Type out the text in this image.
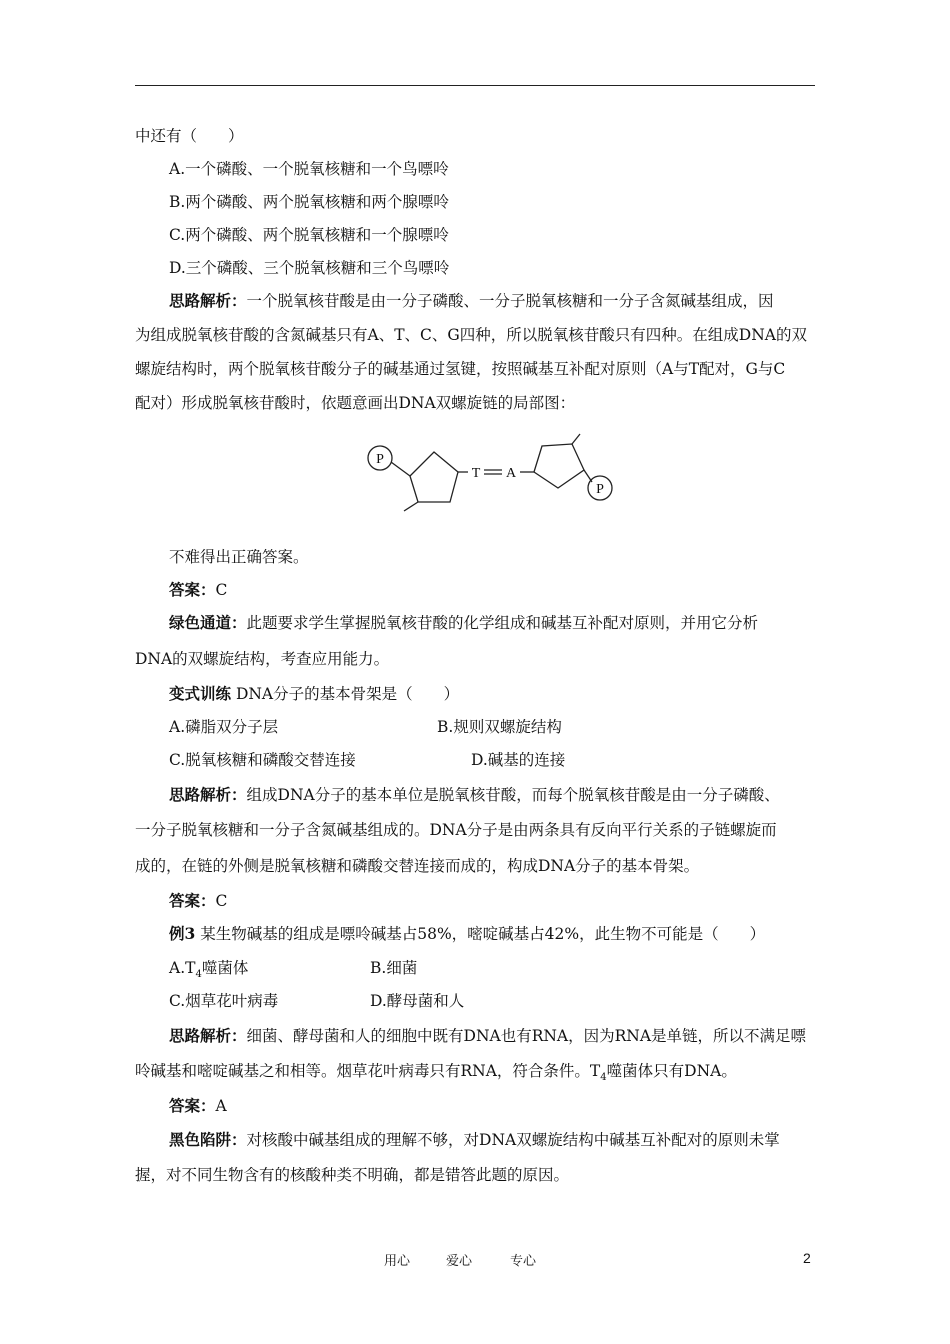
中还有（　　）
A.一个磷酸、一个脱氧核糖和一个鸟嘌呤
B.两个磷酸、两个脱氧核糖和两个腺嘌呤
C.两个磷酸、两个脱氧核糖和一个腺嘌呤
D.三个磷酸、三个脱氧核糖和三个鸟嘌呤
思路解析：一个脱氧核苷酸是由一分子磷酸、一分子脱氧核糖和一分子含氮碱基组成，因
为组成脱氧核苷酸的含氮碱基只有A、T、C、G四种，所以脱氧核苷酸只有四种。在组成DNA的双
螺旋结构时，两个脱氧核苷酸分子的碱基通过氢键，按照碱基互补配对原则（A与T配对，G与C
配对）形成脱氧核苷酸时，依题意画出DNA双螺旋链的局部图：
P
T A
P
不难得出正确答案。
答案：C
绿色通道：此题要求学生掌握脱氧核苷酸的化学组成和碱基互补配对原则，并用它分析
DNA的双螺旋结构，考查应用能力。
变式训练 DNA分子的基本骨架是（　　）
A.磷脂双分子层	B.规则双螺旋结构
C.脱氧核糖和磷酸交替连接	D.碱基的连接
思路解析：组成DNA分子的基本单位是脱氧核苷酸，而每个脱氧核苷酸是由一分子磷酸、
一分子脱氧核糖和一分子含氮碱基组成的。DNA分子是由两条具有反向平行关系的子链螺旋而
成的，在链的外侧是脱氧核糖和磷酸交替连接而成的，构成DNA分子的基本骨架。
答案：C
例3 某生物碱基的组成是嘌呤碱基占58%，嘧啶碱基占42%，此生物不可能是（　　）
$A.T_4$噬菌体	B.细菌
C.烟草花叶病毒	D.酵母菌和人
思路解析：细菌、酵母菌和人的细胞中既有DNA也有RNA，因为RNA是单链，所以不满足嘌
呤碱基和嘧啶碱基之和相等。烟草花叶病毒只有RNA，符合条件。$T_4$噬菌体只有DNA。
答案：A
黑色陷阱：对核酸中碱基组成的理解不够，对DNA双螺旋结构中碱基互补配对的原则未掌
握，对不同生物含有的核酸种类不明确，都是错答此题的原因。
用心	爱心	专心	2
